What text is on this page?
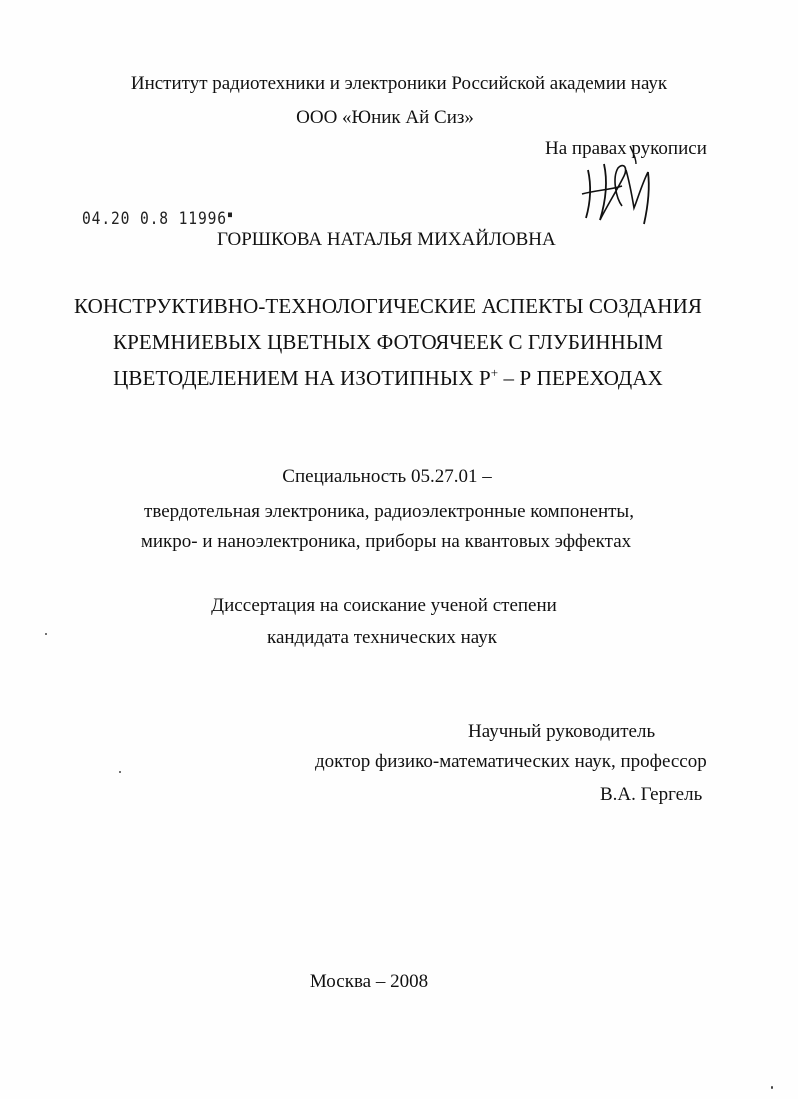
Институт радиотехники и электроники Российской академии наук
ООО «Юник Ай Сиз»
На правах рукописи
04.20 0.8 11996▪
ГОРШКОВА НАТАЛЬЯ МИХАЙЛОВНА
КОНСТРУКТИВНО-ТЕХНОЛОГИЧЕСКИЕ АСПЕКТЫ СОЗДАНИЯ
КРЕМНИЕВЫХ ЦВЕТНЫХ ФОТОЯЧЕЕК С ГЛУБИННЫМ
ЦВЕТОДЕЛЕНИЕМ НА ИЗОТИПНЫХ Р+ – Р ПЕРЕХОДАХ
Специальность 05.27.01 –
твердотельная электроника, радиоэлектронные компоненты,
микро- и наноэлектроника, приборы на квантовых эффектах
Диссертация на соискание ученой степени
кандидата технических наук
Научный руководитель
доктор физико-математических наук, профессор
В.А. Гергель
Москва – 2008
